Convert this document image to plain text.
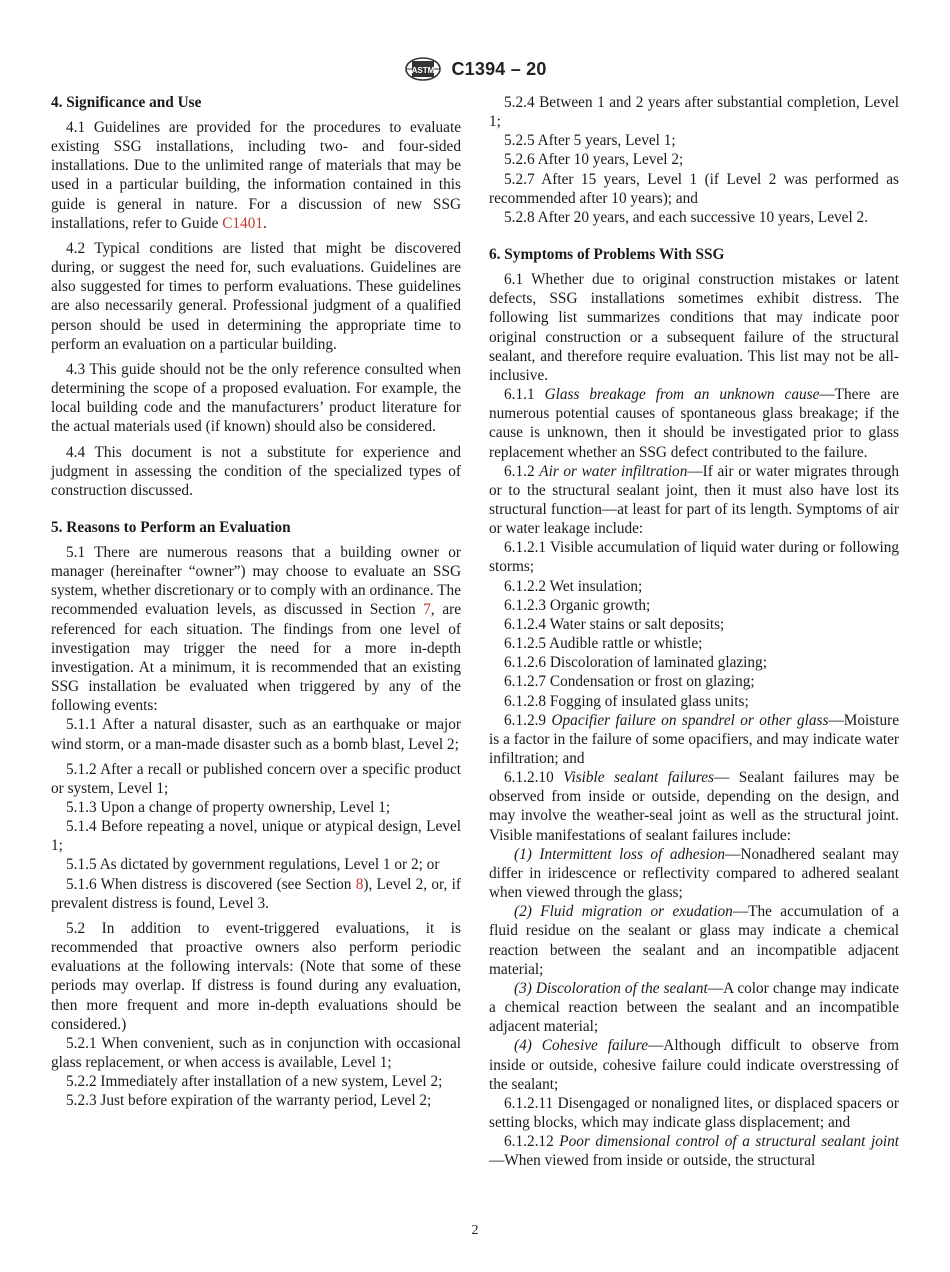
ASTM C1394 – 20
4. Significance and Use

4.1 Guidelines are provided for the procedures to evaluate existing SSG installations, including two- and four-sided installations. Due to the unlimited range of materials that may be used in a particular building, the information contained in this guide is general in nature. For a discussion of new SSG installations, refer to Guide C1401.

4.2 Typical conditions are listed that might be discovered during, or suggest the need for, such evaluations. Guidelines are also suggested for times to perform evaluations. These guidelines are also necessarily general. Professional judgment of a qualified person should be used in determining the appropriate time to perform an evaluation on a particular building.

4.3 This guide should not be the only reference consulted when determining the scope of a proposed evaluation. For example, the local building code and the manufacturers’ product literature for the actual materials used (if known) should also be considered.

4.4 This document is not a substitute for experience and judgment in assessing the condition of the specialized types of construction discussed.

5. Reasons to Perform an Evaluation

5.1 There are numerous reasons that a building owner or manager (hereinafter “owner”) may choose to evaluate an SSG system, whether discretionary or to comply with an ordinance. The recommended evaluation levels, as discussed in Section 7, are referenced for each situation. The findings from one level of investigation may trigger the need for a more in-depth investigation. At a minimum, it is recommended that an existing SSG installation be evaluated when triggered by any of the following events:

5.1.1 After a natural disaster, such as an earthquake or major wind storm, or a man-made disaster such as a bomb blast, Level 2;

5.1.2 After a recall or published concern over a specific product or system, Level 1;

5.1.3 Upon a change of property ownership, Level 1;

5.1.4 Before repeating a novel, unique or atypical design, Level 1;

5.1.5 As dictated by government regulations, Level 1 or 2; or

5.1.6 When distress is discovered (see Section 8), Level 2, or, if prevalent distress is found, Level 3.

5.2 In addition to event-triggered evaluations, it is recommended that proactive owners also perform periodic evaluations at the following intervals: (Note that some of these periods may overlap. If distress is found during any evaluation, then more frequent and more in-depth evaluations should be considered.)

5.2.1 When convenient, such as in conjunction with occasional glass replacement, or when access is available, Level 1;

5.2.2 Immediately after installation of a new system, Level 2;

5.2.3 Just before expiration of the warranty period, Level 2;

5.2.4 Between 1 and 2 years after substantial completion, Level 1;

5.2.5 After 5 years, Level 1;

5.2.6 After 10 years, Level 2;

5.2.7 After 15 years, Level 1 (if Level 2 was performed as recommended after 10 years); and

5.2.8 After 20 years, and each successive 10 years, Level 2.

6. Symptoms of Problems With SSG

6.1 Whether due to original construction mistakes or latent defects, SSG installations sometimes exhibit distress. The following list summarizes conditions that may indicate poor original construction or a subsequent failure of the structural sealant, and therefore require evaluation. This list may not be all-inclusive.

6.1.1 Glass breakage from an unknown cause—There are numerous potential causes of spontaneous glass breakage; if the cause is unknown, then it should be investigated prior to glass replacement whether an SSG defect contributed to the failure.

6.1.2 Air or water infiltration—If air or water migrates through or to the structural sealant joint, then it must also have lost its structural function—at least for part of its length. Symptoms of air or water leakage include:

6.1.2.1 Visible accumulation of liquid water during or following storms;

6.1.2.2 Wet insulation;

6.1.2.3 Organic growth;

6.1.2.4 Water stains or salt deposits;

6.1.2.5 Audible rattle or whistle;

6.1.2.6 Discoloration of laminated glazing;

6.1.2.7 Condensation or frost on glazing;

6.1.2.8 Fogging of insulated glass units;

6.1.2.9 Opacifier failure on spandrel or other glass—Moisture is a factor in the failure of some opacifiers, and may indicate water infiltration; and

6.1.2.10 Visible sealant failures— Sealant failures may be observed from inside or outside, depending on the design, and may involve the weather-seal joint as well as the structural joint. Visible manifestations of sealant failures include:

(1) Intermittent loss of adhesion—Nonadhered sealant may differ in iridescence or reflectivity compared to adhered sealant when viewed through the glass;

(2) Fluid migration or exudation—The accumulation of a fluid residue on the sealant or glass may indicate a chemical reaction between the sealant and an incompatible adjacent material;

(3) Discoloration of the sealant—A color change may indicate a chemical reaction between the sealant and an incompatible adjacent material;

(4) Cohesive failure—Although difficult to observe from inside or outside, cohesive failure could indicate overstressing of the sealant;

6.1.2.11 Disengaged or nonaligned lites, or displaced spacers or setting blocks, which may indicate glass displacement; and

6.1.2.12 Poor dimensional control of a structural sealant joint—When viewed from inside or outside, the structural

2
